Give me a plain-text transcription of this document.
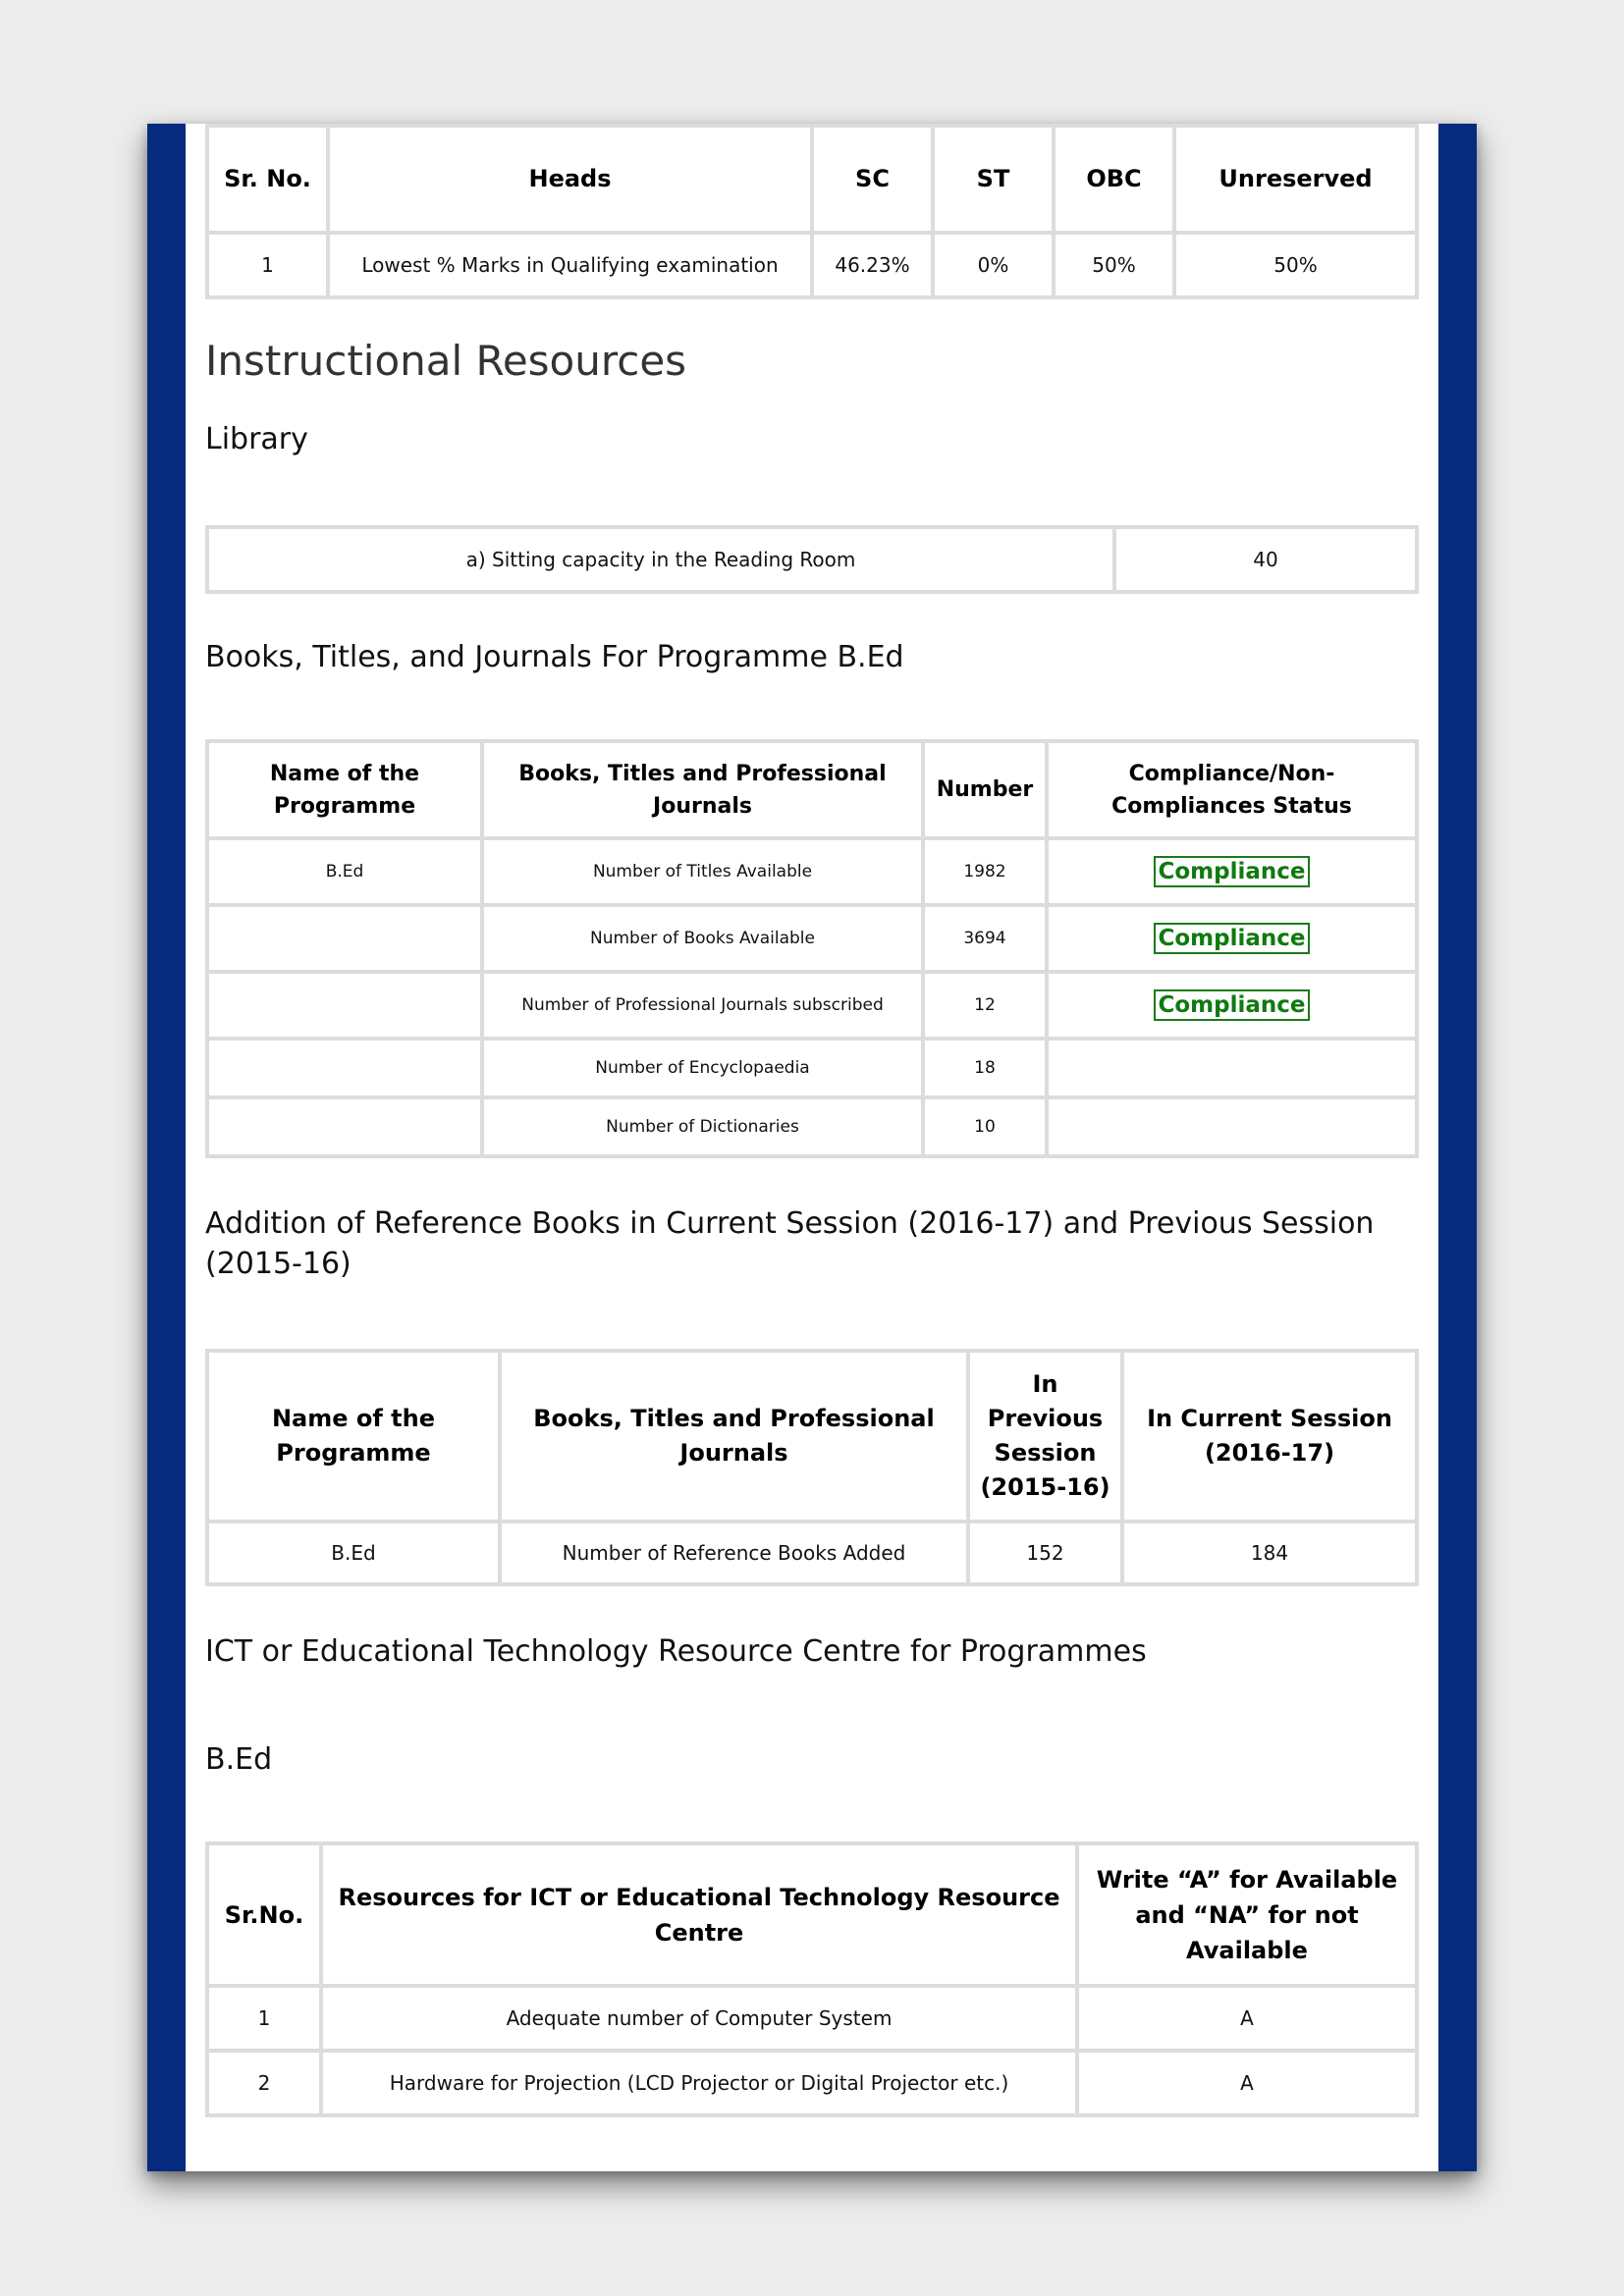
Sr. No.	Heads	SC	ST	OBC	Unreserved
1	Lowest % Marks in Qualifying examination	46.23%	0%	50%	50%
Instructional Resources
Library
a) Sitting capacity in the Reading Room	40
Books, Titles, and Journals For Programme B.Ed
Name of the Programme	Books, Titles and Professional Journals	Number	Compliance/Non-Compliances Status
B.Ed	Number of Titles Available	1982	Compliance
	Number of Books Available	3694	Compliance
	Number of Professional Journals subscribed	12	Compliance
	Number of Encyclopaedia	18	
	Number of Dictionaries	10	
Addition of Reference Books in Current Session (2016-17) and Previous Session (2015-16)
Name of the Programme	Books, Titles and Professional Journals	In Previous Session (2015-16)	In Current Session (2016-17)
B.Ed	Number of Reference Books Added	152	184
ICT or Educational Technology Resource Centre for Programmes
B.Ed
Sr.No.	Resources for ICT or Educational Technology Resource Centre	Write “A” for Available and “NA” for not Available
1	Adequate number of Computer System	A
2	Hardware for Projection (LCD Projector or Digital Projector etc.)	A
